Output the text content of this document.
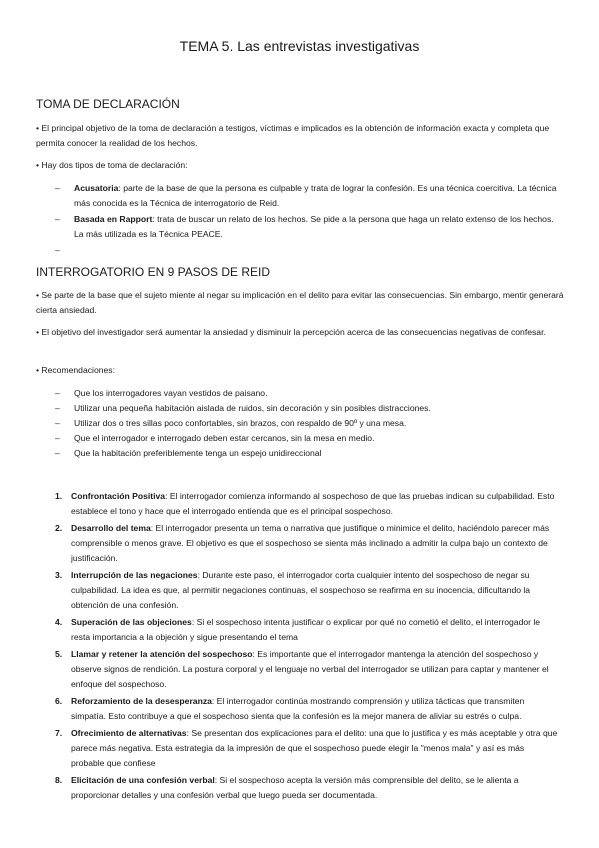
TEMA 5. Las entrevistas investigativas
TOMA DE DECLARACIÓN

• El principal objetivo de la toma de declaración a testigos, víctimas e implicados es la obtención de información exacta y completa que permita conocer la realidad de los hechos.

• Hay dos tipos de toma de declaración:

– Acusatoria: parte de la base de que la persona es culpable y trata de lograr la confesión. Es una técnica coercitiva. La técnica más conocida es la Técnica de interrogatorio de Reid.
– Basada en Rapport: trata de buscar un relato de los hechos. Se pide a la persona que haga un relato extenso de los hechos. La más utilizada es la Técnica PEACE.
–

INTERROGATORIO EN 9 PASOS DE REID

• Se parte de la base que el sujeto miente al negar su implicación en el delito para evitar las consecuencias. Sin embargo, mentir generará cierta ansiedad.

• El objetivo del investigador será aumentar la ansiedad y disminuir la percepción acerca de las consecuencias negativas de confesar.

• Recomendaciones:

– Que los interrogadores vayan vestidos de paisano.
– Utilizar una pequeña habitación aislada de ruidos, sin decoración y sin posibles distracciones.
– Utilizar dos o tres sillas poco confortables, sin brazos, con respaldo de 90º y una mesa.
– Que el interrogador e interrogado deben estar cercanos, sin la mesa en medio.
– Que la habitación preferiblemente tenga un espejo unidireccional
1. Confrontación Positiva: El interrogador comienza informando al sospechoso de que las pruebas indican su culpabilidad. Esto establece el tono y hace que el interrogado entienda que es el principal sospechoso.
2. Desarrollo del tema: El interrogador presenta un tema o narrativa que justifique o minimice el delito, haciéndolo parecer más comprensible o menos grave. El objetivo es que el sospechoso se sienta más inclinado a admitir la culpa bajo un contexto de justificación.
3. Interrupción de las negaciones: Durante este paso, el interrogador corta cualquier intento del sospechoso de negar su culpabilidad. La idea es que, al permitir negaciones continuas, el sospechoso se reafirma en su inocencia, dificultando la obtención de una confesión.
4. Superación de las objeciones: Si el sospechoso intenta justificar o explicar por qué no cometió el delito, el interrogador le resta importancia a la objeción y sigue presentando el tema
5. Llamar y retener la atención del sospechoso: Es importante que el interrogador mantenga la atención del sospechoso y observe signos de rendición. La postura corporal y el lenguaje no verbal del interrogador se utilizan para captar y mantener el enfoque del sospechoso.
6. Reforzamiento de la desesperanza: El interrogador continúa mostrando comprensión y utiliza tácticas que transmiten simpatía. Esto contribuye a que el sospechoso sienta que la confesión es la mejor manera de aliviar su estrés o culpa.
7. Ofrecimiento de alternativas: Se presentan dos explicaciones para el delito: una que lo justifica y es más aceptable y otra que parece más negativa. Esta estrategia da la impresión de que el sospechoso puede elegir la "menos mala" y así es más probable que confiese
8. Elicitación de una confesión verbal: Si el sospechoso acepta la versión más comprensible del delito, se le alienta a proporcionar detalles y una confesión verbal que luego pueda ser documentada.
